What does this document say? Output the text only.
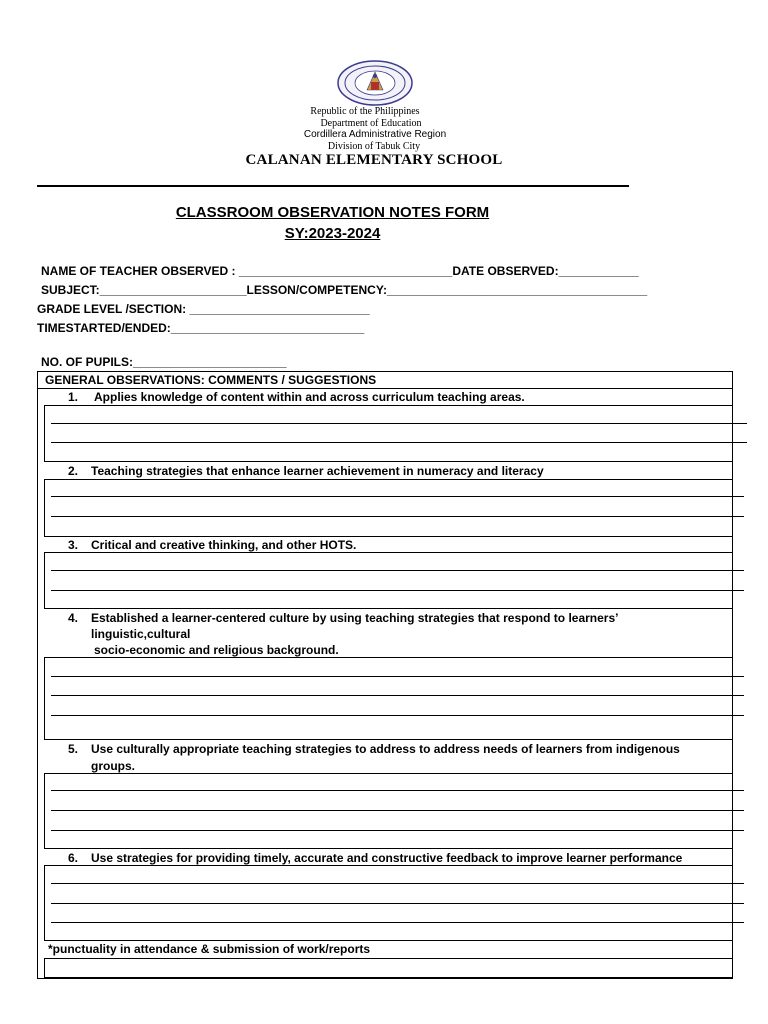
Republic of the Philippines
Department of Education
Cordillera Administrative Region
Division of Tabuk City
CALANAN ELEMENTARY SCHOOL
CLASSROOM OBSERVATION NOTES FORM
SY:2023-2024
NAME OF TEACHER OBSERVED : ________________________________DATE OBSERVED:____________
SUBJECT:______________________LESSON/COMPETENCY:_______________________________________
GRADE LEVEL /SECTION: ___________________________
TIMESTARTED/ENDED:_____________________________
NO. OF PUPILS:_______________________
GENERAL OBSERVATIONS: COMMENTS / SUGGESTIONS
1. Applies knowledge of content within and across curriculum teaching areas.
2. Teaching strategies that enhance learner achievement in numeracy and literacy
3. Critical and creative thinking, and other HOTS.
4. Established a learner-centered culture by using teaching strategies that respond to learners’
linguistic,cultural
socio-economic and religious background.
5. Use culturally appropriate teaching strategies to address to address needs of learners from indigenous
groups.
6. Use strategies for providing timely, accurate and constructive feedback to improve learner performance
*punctuality in attendance & submission of work/reports
